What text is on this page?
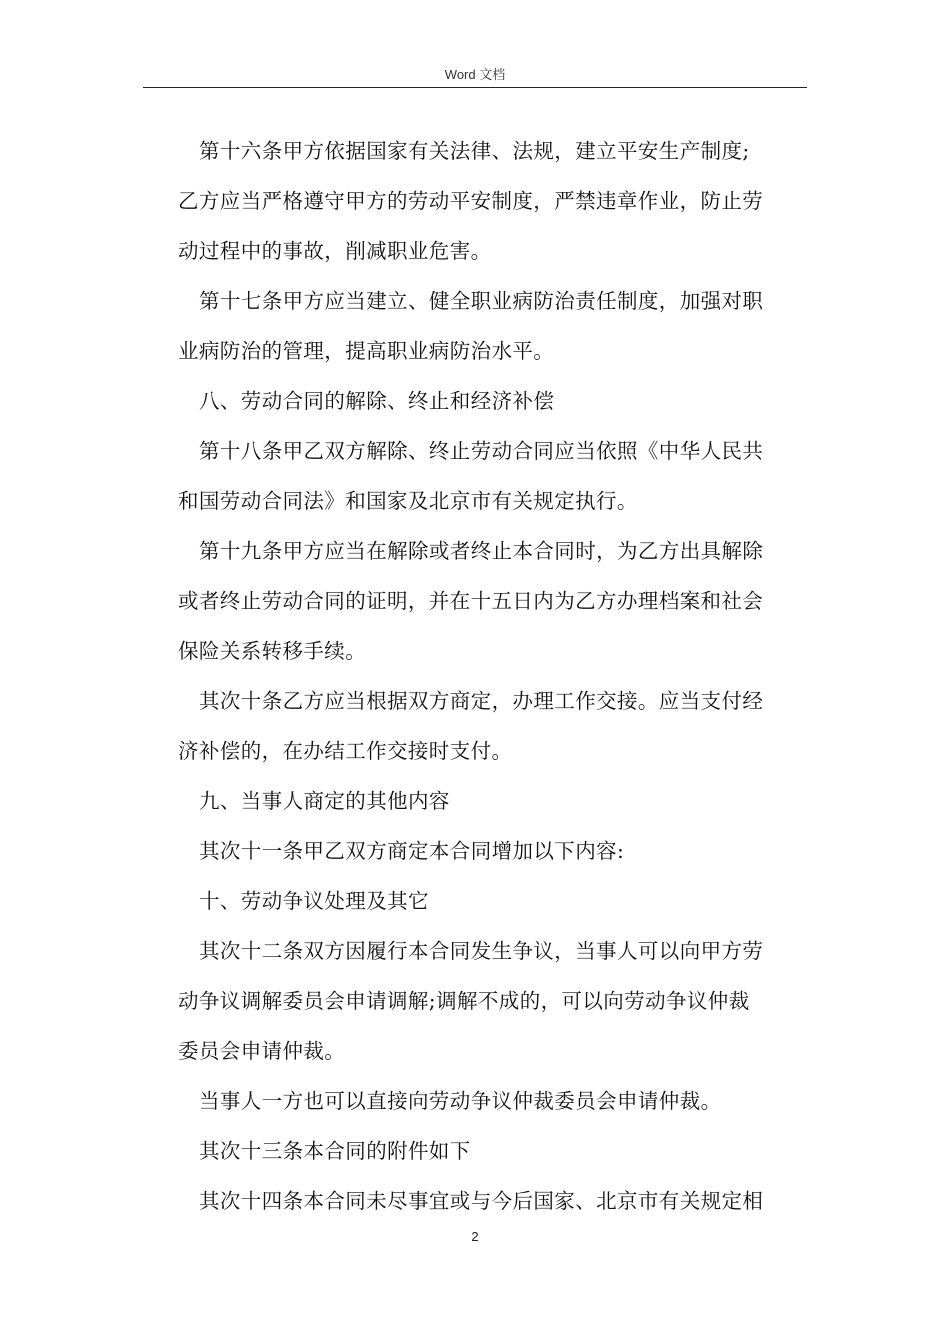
Word 文档

第十六条甲方依据国家有关法律、法规，建立平安生产制度;
乙方应当严格遵守甲方的劳动平安制度，严禁违章作业，防止劳
动过程中的事故，削减职业危害。

第十七条甲方应当建立、健全职业病防治责任制度，加强对职
业病防治的管理，提高职业病防治水平。

八、劳动合同的解除、终止和经济补偿

第十八条甲乙双方解除、终止劳动合同应当依照《中华人民共
和国劳动合同法》和国家及北京市有关规定执行。

第十九条甲方应当在解除或者终止本合同时，为乙方出具解除
或者终止劳动合同的证明，并在十五日内为乙方办理档案和社会
保险关系转移手续。

其次十条乙方应当根据双方商定，办理工作交接。应当支付经
济补偿的，在办结工作交接时支付。

九、当事人商定的其他内容

其次十一条甲乙双方商定本合同增加以下内容:

十、劳动争议处理及其它

其次十二条双方因履行本合同发生争议，当事人可以向甲方劳
动争议调解委员会申请调解;调解不成的，可以向劳动争议仲裁
委员会申请仲裁。

当事人一方也可以直接向劳动争议仲裁委员会申请仲裁。

其次十三条本合同的附件如下

其次十四条本合同未尽事宜或与今后国家、北京市有关规定相

2
